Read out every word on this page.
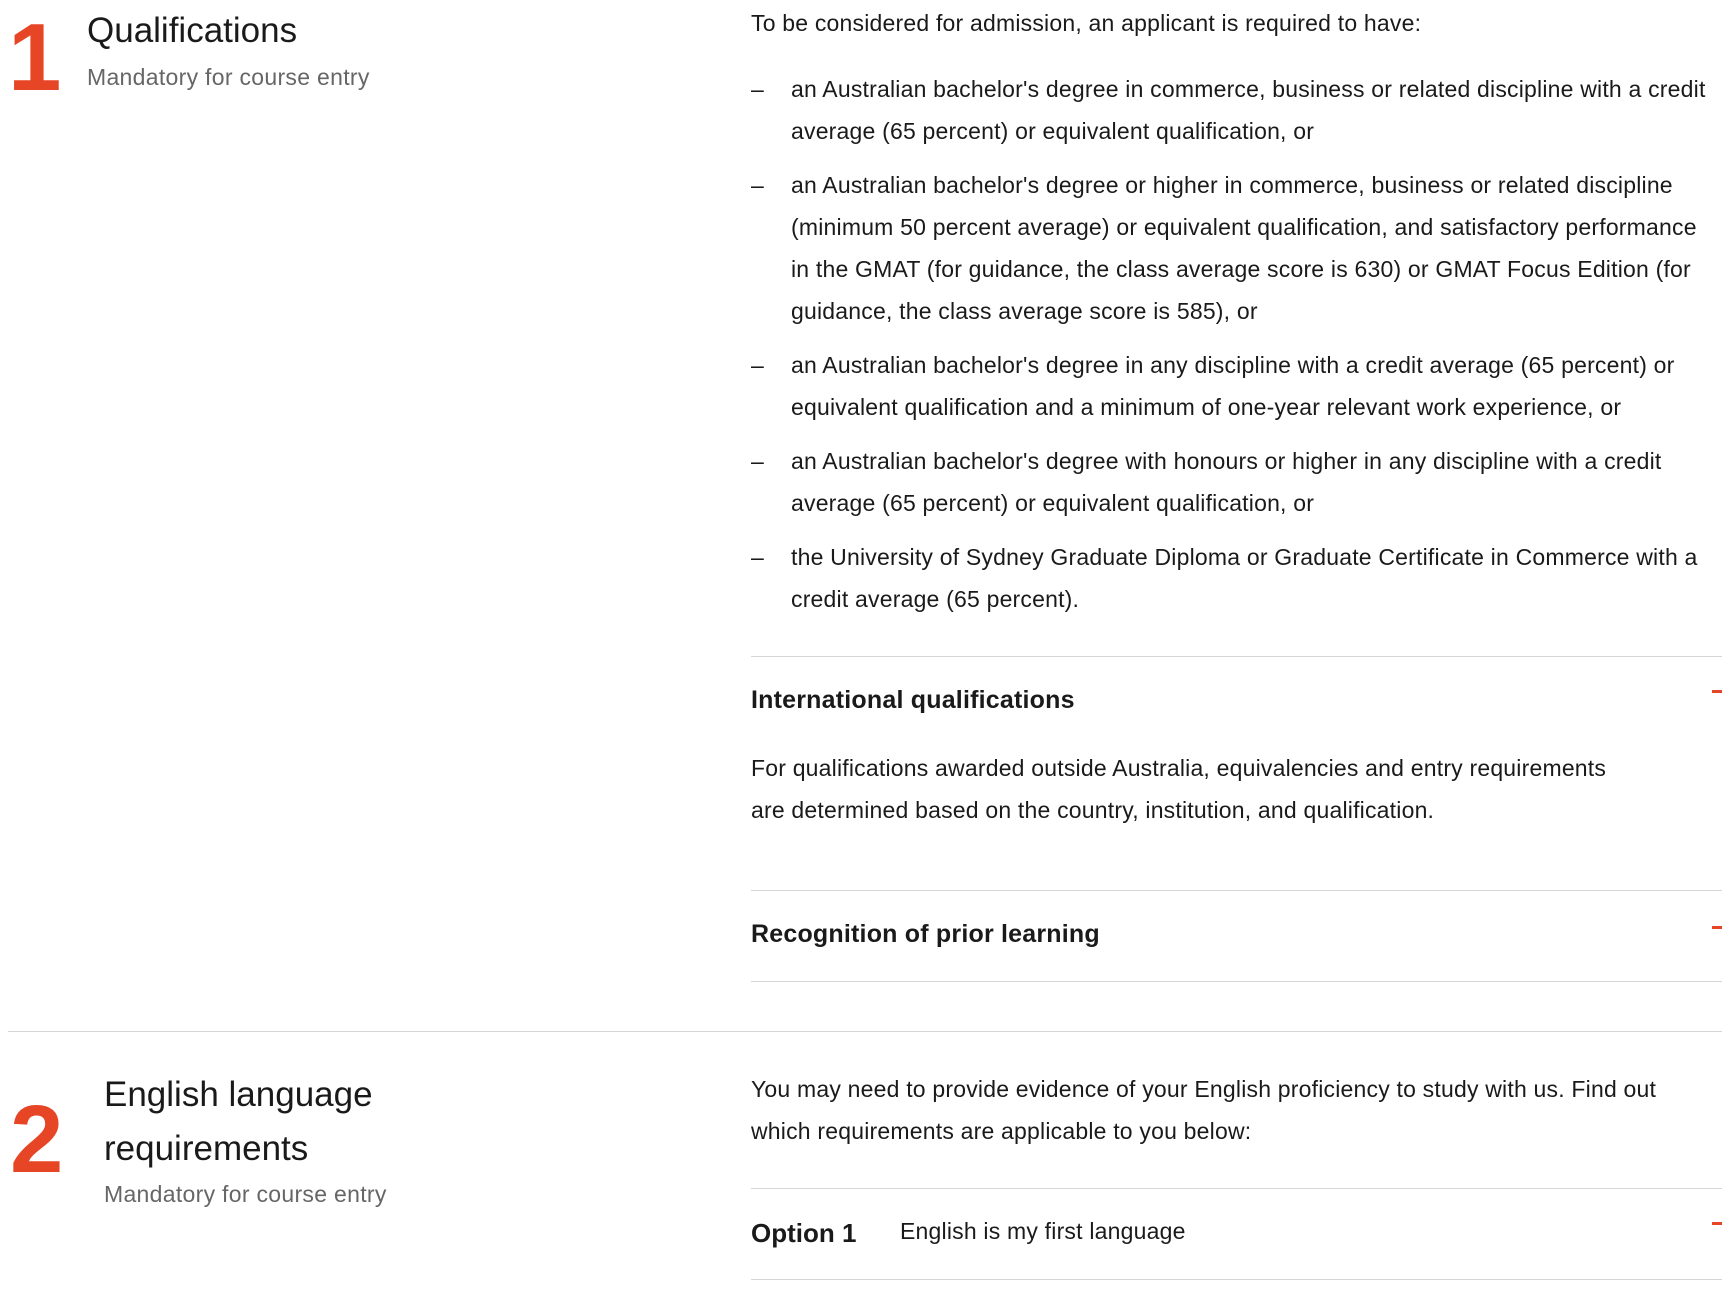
1 Qualifications
Mandatory for course entry

To be considered for admission, an applicant is required to have:

– an Australian bachelor's degree in commerce, business or related discipline with a credit
average (65 percent) or equivalent qualification, or
– an Australian bachelor's degree or higher in commerce, business or related discipline
(minimum 50 percent average) or equivalent qualification, and satisfactory performance
in the GMAT (for guidance, the class average score is 630) or GMAT Focus Edition (for
guidance, the class average score is 585), or
– an Australian bachelor's degree in any discipline with a credit average (65 percent) or
equivalent qualification and a minimum of one-year relevant work experience, or
– an Australian bachelor's degree with honours or higher in any discipline with a credit
average (65 percent) or equivalent qualification, or
– the University of Sydney Graduate Diploma or Graduate Certificate in Commerce with a
credit average (65 percent).
International qualifications
For qualifications awarded outside Australia, equivalencies and entry requirements
are determined based on the country, institution, and qualification.
Recognition of prior learning
2 English language
requirements
Mandatory for course entry
You may need to provide evidence of your English proficiency to study with us. Find out
which requirements are applicable to you below:
Option 1 English is my first language
